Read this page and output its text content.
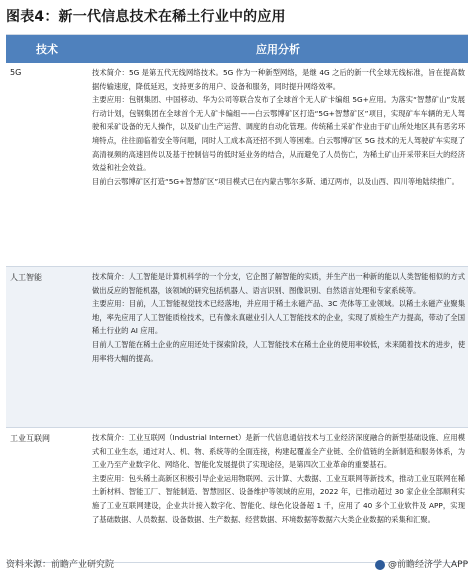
图表4：新一代信息技术在稀土行业中的应用
技术	应用分析
5G	技术简介：5G 是第五代无线网络技术。5G 作为一种新型网络，是继 4G 之后的新一代全球无线标准，旨在提高数据传输速度，降低延迟，支持更多的用户、设备和服务，同时提升网络效率。

主要应用：包钢集团、中国移动、华为公司等联合发布了全球首个无人矿卡编组 5G+应用。为落实“智慧矿山”发展行动计划，包钢集团在全球首个无人矿卡编组——白云鄂博矿区打造“5G+智慧矿区”项目，实现矿车车辆的无人驾驶和采矿设备的无人操作，以及矿山生产运营、调度的自动化管理。传统稀土采矿作业由于矿山所处地区具有恶劣环境特点，往往面临着安全等问题，同时人工成本高还招不到人等困难。白云鄂博矿区 5G 技术的无人驾驶矿车实现了高清视频的高速回传以及基于控制信号的低时延业务的结合，从而避免了人员伤亡，为稀土矿山开采带来巨大的经济效益和社会效益。

目前白云鄂博矿区打造“5G+智慧矿区”项目模式已在内蒙古鄂尔多斯、通辽两市，以及山西、四川等地陆续推广。

人工智能	技术简介：人工智能是计算机科学的一个分支，它企图了解智能的实质，并生产出一种新的能以人类智能相似的方式做出反应的智能机器，该领域的研究包括机器人、语言识别、图像识别、自然语言处理和专家系统等。

主要应用：目前，人工智能视觉技术已经落地，并应用于稀土永磁产品、3C 壳体等工业领域。以稀土永磁产业聚集地，率先应用了人工智能质检技术，已有像永真磁业引入人工智能技术的企业，实现了质检生产力提高，带动了全国稀土行业的 AI 应用。

目前人工智能在稀土企业的应用还处于探索阶段，人工智能技术在稀土企业的使用率较低，未来随着技术的进步，使用率将大幅的提高。

工业互联网	技术简介：工业互联网（Industrial Internet）是新一代信息通信技术与工业经济深度融合的新型基础设施、应用模式和工业生态，通过对人、机、物、系统等的全面连接，构建起覆盖全产业链、全价值链的全新制造和服务体系，为工业乃至产业数字化、网络化、智能化发展提供了实现途径，是第四次工业革命的重要基石。

主要应用：包头稀土高新区积极引导企业运用物联网、云计算、大数据、工业互联网等新技术，推动工业互联网在稀土新材料、智能工厂、智能制造、智慧园区、设备维护等领域的应用，2022 年，已推动超过 30 家企业全部顺利实施了工业互联网建设，企业共计接入数字化、智能化、绿色化设备超 1 千，应用了 40 多个工业软件及 APP，实现了基础数据、人员数据、设备数据、生产数据、经营数据、环境数据等数据六大类企业数据的采集和汇聚。

资料来源：前瞻产业研究院	@前瞻经济学人APP
